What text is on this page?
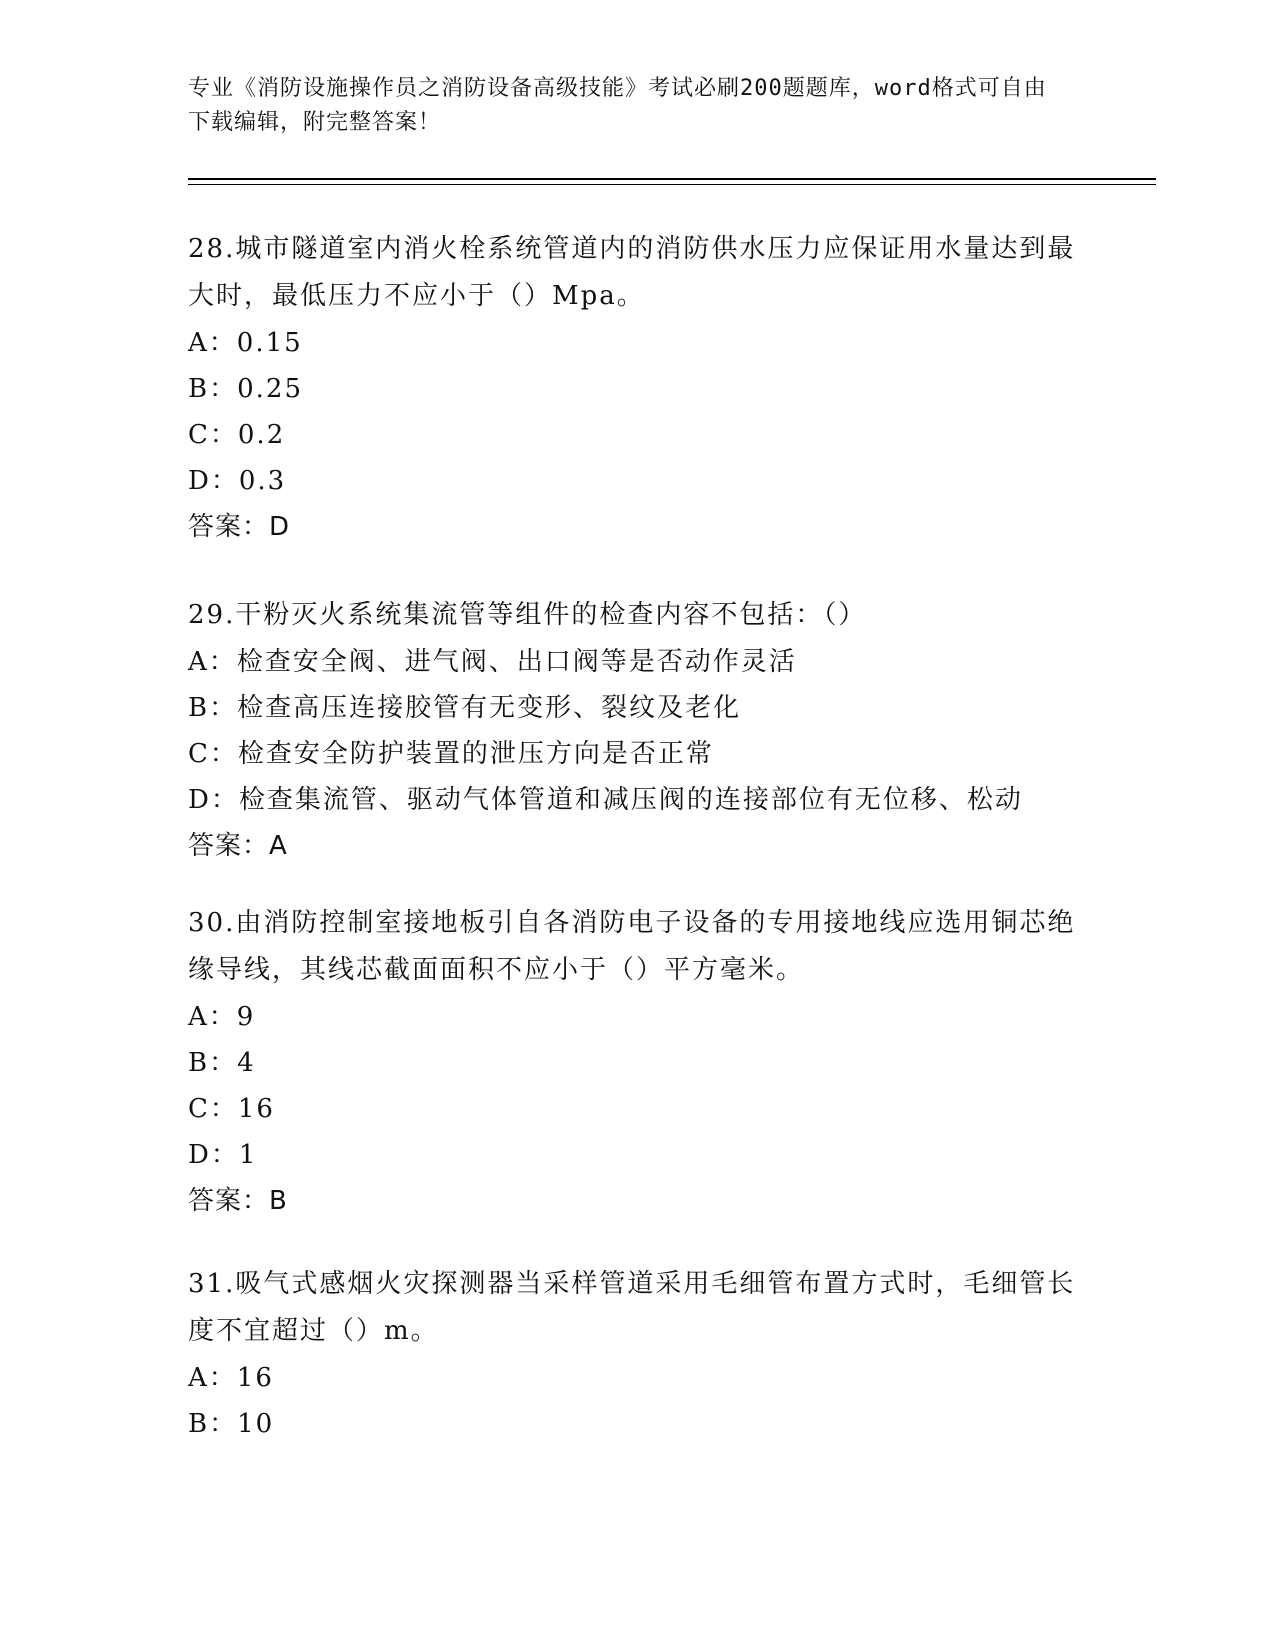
专业《消防设施操作员之消防设备高级技能》考试必刷200题题库，word格式可自由下载编辑，附完整答案！

28.城市隧道室内消火栓系统管道内的消防供水压力应保证用水量达到最大时，最低压力不应小于（）Mpa。

A：0.15

B：0.25

C：0.2

D：0.3

答案：D

29.干粉灭火系统集流管等组件的检查内容不包括：（）

A：检查安全阀、进气阀、出口阀等是否动作灵活

B：检查高压连接胶管有无变形、裂纹及老化

C：检查安全防护装置的泄压方向是否正常

D：检查集流管、驱动气体管道和减压阀的连接部位有无位移、松动

答案：A

30.由消防控制室接地板引自各消防电子设备的专用接地线应选用铜芯绝缘导线，其线芯截面面积不应小于（）平方毫米。

A：9

B：4

C：16

D：1

答案：B

31.吸气式感烟火灾探测器当采样管道采用毛细管布置方式时，毛细管长度不宜超过（）m。

A：16

B：10
